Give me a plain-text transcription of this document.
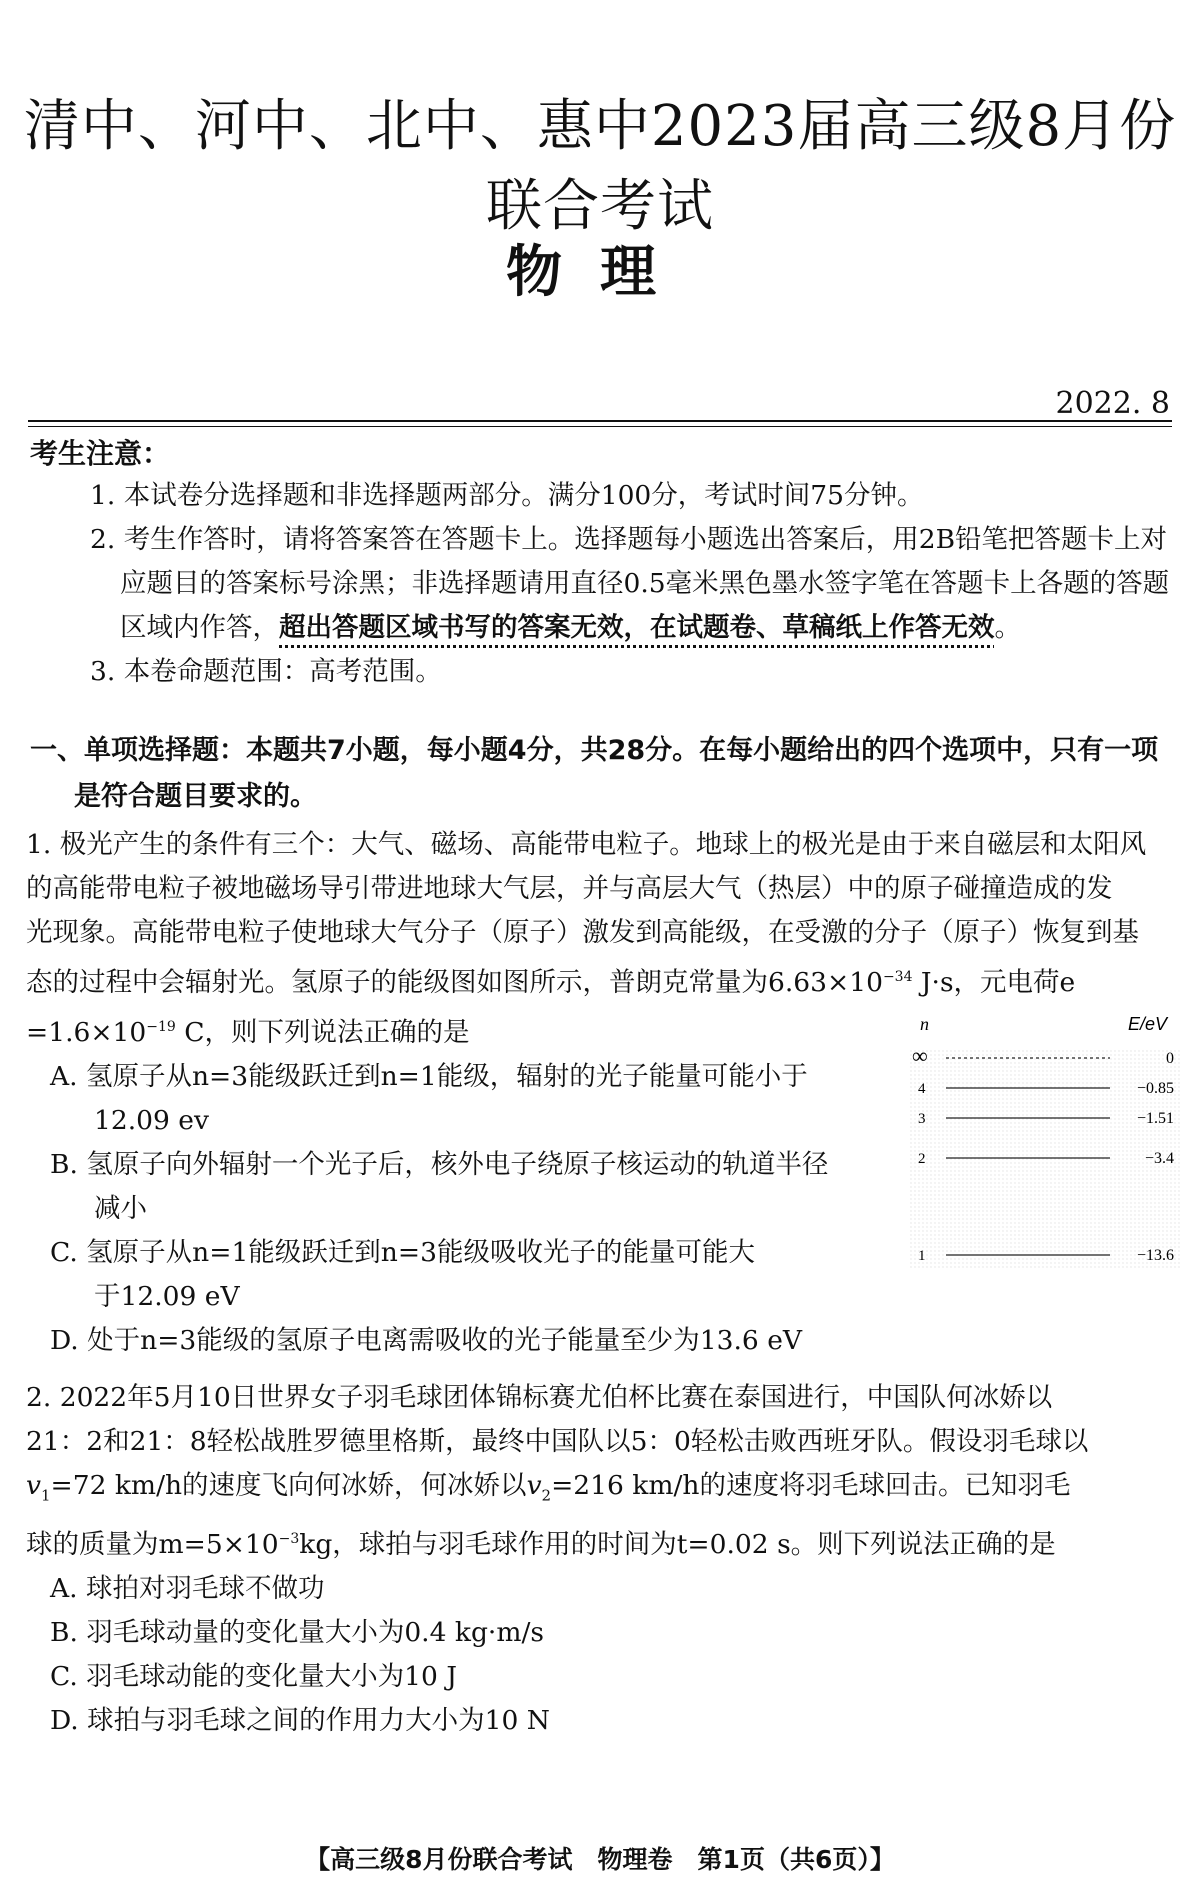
清中、河中、北中、惠中2023届高三级8月份联合考试
物理
2022. 8
考生注意：
1. 本试卷分选择题和非选择题两部分。满分100分，考试时间75分钟。
2. 考生作答时，请将答案答在答题卡上。选择题每小题选出答案后，用2B铅笔把答题卡上对
应题目的答案标号涂黑；非选择题请用直径0.5毫米黑色墨水签字笔在答题卡上各题的答题
区域内作答，超出答题区域书写的答案无效，在试题卷、草稿纸上作答无效。
3. 本卷命题范围：高考范围。
一、单项选择题：本题共7小题，每小题4分，共28分。在每小题给出的四个选项中，只有一项
是符合题目要求的。
1. 极光产生的条件有三个：大气、磁场、高能带电粒子。地球上的极光是由于来自磁层和太阳风
的高能带电粒子被地磁场导引带进地球大气层，并与高层大气（热层）中的原子碰撞造成的发
光现象。高能带电粒子使地球大气分子（原子）激发到高能级，在受激的分子（原子）恢复到基
态的过程中会辐射光。氢原子的能级图如图所示，普朗克常量为$6.63\times 10^{-34}$ J·s，元电荷e
$=1.6\times 10^{-19}$ C，则下列说法正确的是
A. 氢原子从n=3能级跃迁到n=1能级，辐射的光子能量可能小于
12.09 ev
B. 氢原子向外辐射一个光子后，核外电子绕原子核运动的轨道半径
减小
C. 氢原子从n=1能级跃迁到n=3能级吸收光子的能量可能大
于12.09 eV
D. 处于n=3能级的氢原子电离需吸收的光子能量至少为13.6 eV
n	E/eV
∞	0
4	−0.85
3	−1.51
2	−3.4
1	−13.6
2. 2022年5月10日世界女子羽毛球团体锦标赛尤伯杯比赛在泰国进行，中国队何冰娇以
21：2和21：8轻松战胜罗德里格斯，最终中国队以5：0轻松击败西班牙队。假设羽毛球以
$v_1=72$ km/h的速度飞向何冰娇，何冰娇以$v_2=216$ km/h的速度将羽毛球回击。已知羽毛
球的质量为$m=5\times 10^{-3}kg$，球拍与羽毛球作用的时间为t=0.02 s。则下列说法正确的是
A. 球拍对羽毛球不做功
B. 羽毛球动量的变化量大小为0.4 kg·m/s
C. 羽毛球动能的变化量大小为10 J
D. 球拍与羽毛球之间的作用力大小为10 N
【高三级8月份联合考试　物理卷　第1页（共6页）】
